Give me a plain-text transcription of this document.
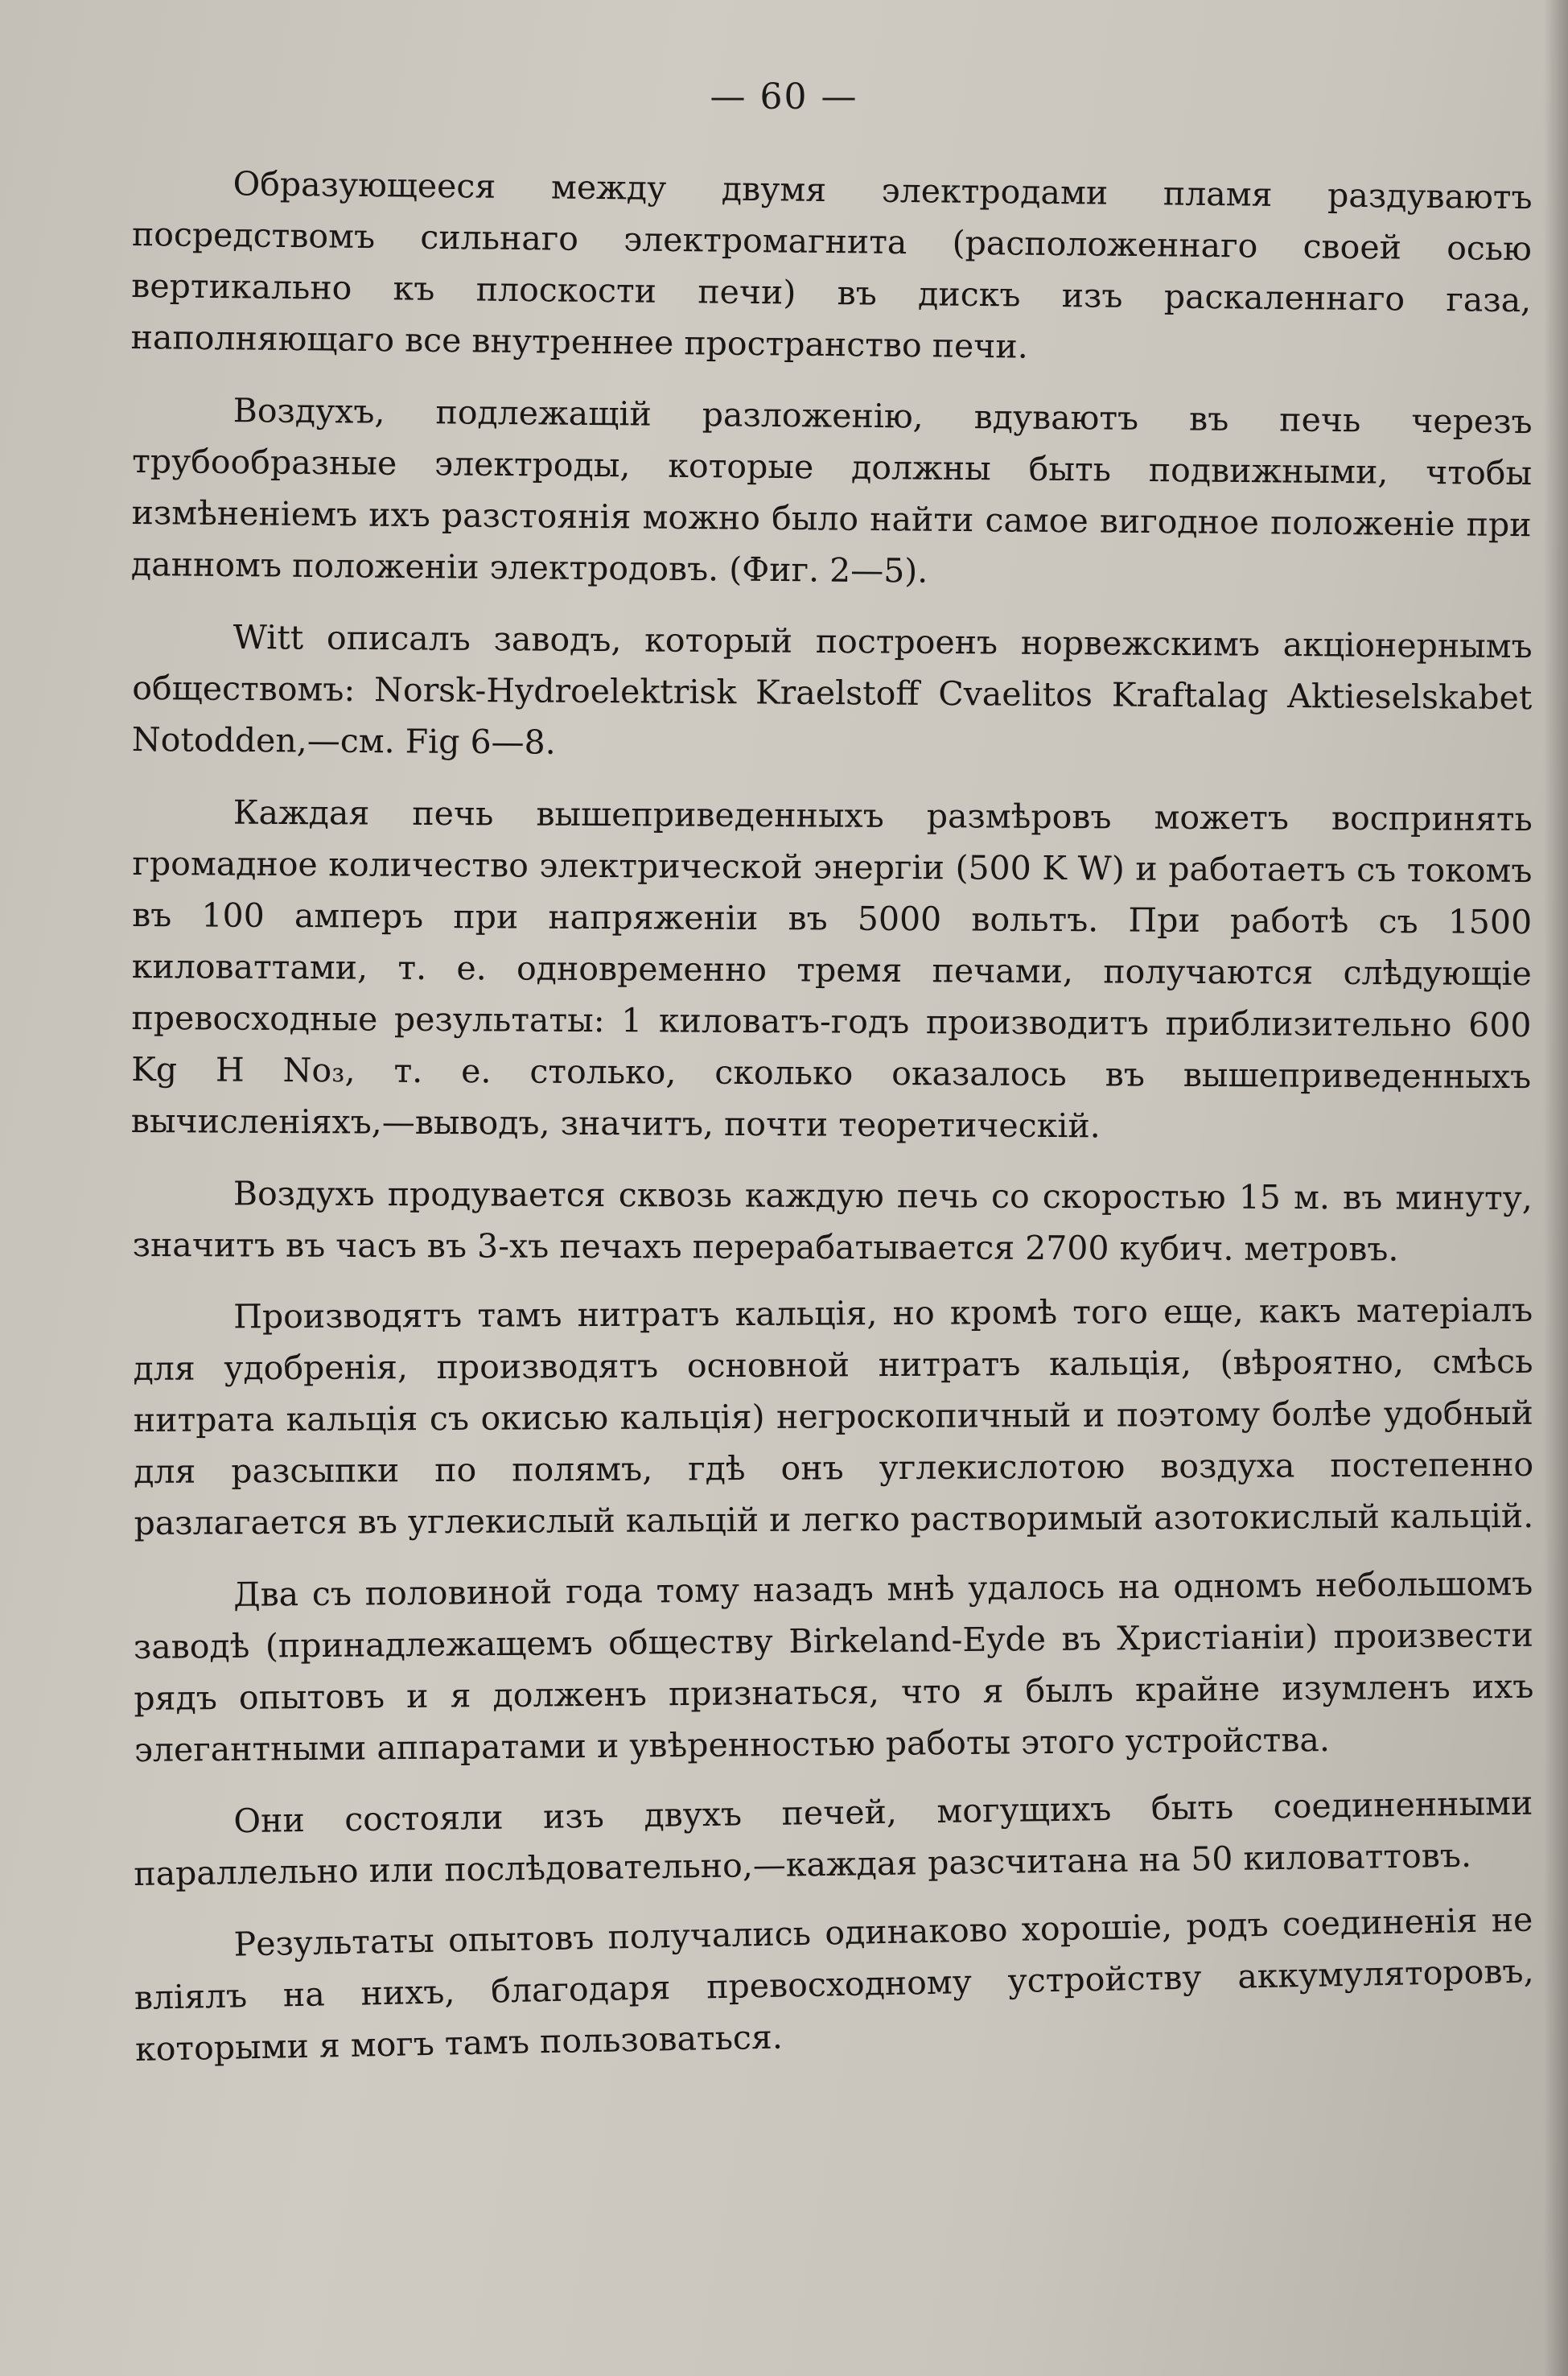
— 60 —

Образующееся между двумя электродами пламя раздуваютъ посредствомъ сильнаго электромагнита (расположеннаго своей осью вертикально къ плоскости печи) въ дискъ изъ раскаленнаго газа, наполняющаго все внутреннее пространство печи.

Воздухъ, подлежащій разложенію, вдуваютъ въ печь черезъ трубообразные электроды, которые должны быть подвижными, чтобы измѣненіемъ ихъ разстоянія можно было найти самое вигодное положеніе при данномъ положеніи электродовъ. (Фиг. 2—5).

Witt описалъ заводъ, который построенъ норвежскимъ акціонернымъ обществомъ: Norsk-Hydroelektrisk Kraelstoff Cvaelitos Kraftalag Aktieselskabet Notodden,—см. Fig 6—8.

Каждая печь вышеприведенныхъ размѣровъ можетъ воспринять громадное количество электрической энергіи (500 K W) и работаетъ съ токомъ въ 100 амперъ при напряженіи въ 5000 вольтъ. При работѣ съ 1500 киловаттами, т. е. одновременно тремя печами, получаются слѣдующіе превосходные результаты: 1 киловатъ-годъ производитъ приблизительно 600 Kg H No₃, т. е. столько, сколько оказалось въ вышеприведенныхъ вычисленіяхъ,—выводъ, значитъ, почти теоретическій.

Воздухъ продувается сквозь каждую печь со скоростью 15 м. въ минуту, значитъ въ часъ въ 3-хъ печахъ перерабатывается 2700 кубич. метровъ.

Производятъ тамъ нитратъ кальція, но кромѣ того еще, какъ матеріалъ для удобренія, производятъ основной нитратъ кальція, (вѣроятно, смѣсь нитрата кальція съ окисью кальція) негроскопичный и поэтому болѣе удобный для разсыпки по полямъ, гдѣ онъ углекислотою воздуха постепенно разлагается въ углекислый кальцій и легко растворимый азотокислый кальцій.

Два съ половиной года тому назадъ мнѣ удалось на одномъ небольшомъ заводѣ (принадлежащемъ обществу Birkeland-Eyde въ Христіаніи) произвести рядъ опытовъ и я долженъ признаться, что я былъ крайне изумленъ ихъ элегантными аппаратами и увѣренностью работы этого устройства.

Они состояли изъ двухъ печей, могущихъ быть соединенными параллельно или послѣдовательно,—каждая разсчитана на 50 киловаттовъ.

Результаты опытовъ получались одинаково хорошіе, родъ соединенія не вліялъ на нихъ, благодаря превосходному устройству аккумуляторовъ, которыми я могъ тамъ пользоваться.
